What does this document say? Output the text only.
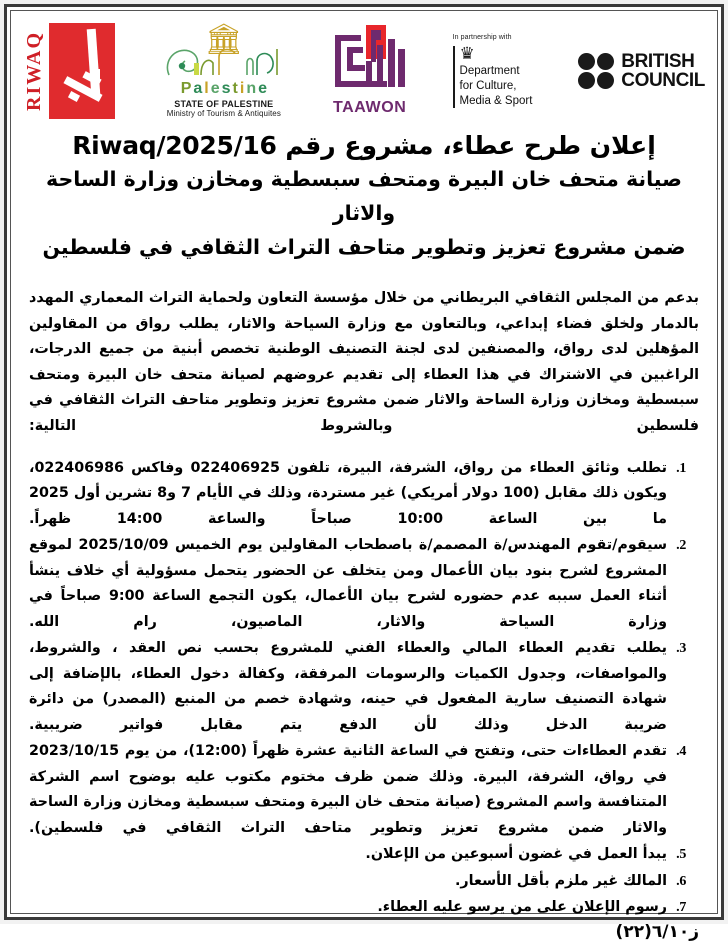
BRITISH
COUNCIL
In partnership with
♛
Department
for Culture,
Media & Sport
TAAWON
🏛
P a l e s t i n e
STATE OF PALESTINE
Ministry of Tourism & Antiquites
RIWAQ
إعلان طرح عطاء، مشروع رقم Riwaq/2025/16
صيانة متحف خان البيرة ومتحف سبسطية ومخازن وزارة الساحة والاثار
ضمن مشروع تعزيز وتطوير متاحف التراث الثقافي في فلسطين

بدعم من المجلس الثقافي البريطاني من خلال مؤسسة التعاون ولحماية التراث المعماري المهدد بالدمار ولخلق فضاء إبداعي، وبالتعاون مع وزارة السياحة والاثار، يطلب رواق من المقاولين المؤهلين لدى رواق، والمصنفين لدى لجنة التصنيف الوطنية تخصص أبنية من جميع الدرجات، الراغبين في الاشتراك في هذا العطاء إلى تقديم عروضهم لصيانة متحف خان البيرة ومتحف سبسطية ومخازن وزارة الساحة والاثار ضمن مشروع تعزيز وتطوير متاحف التراث الثقافي في فلسطين وبالشروط التالية:

1. تطلب وثائق العطاء من رواق، الشرفة، البيرة، تلفون 022406925 وفاكس 022406986، ويكون ذلك مقابل (100 دولار أمريكي) غير مستردة، وذلك في الأيام 7 و8 تشرين أول 2025 ما بين الساعة 10:00 صباحاً والساعة 14:00 ظهراً.
2. سيقوم/تقوم المهندس/ة المصمم/ة باصطحاب المقاولين يوم الخميس 2025/10/09 لموقع المشروع لشرح بنود بيان الأعمال ومن يتخلف عن الحضور يتحمل مسؤولية أي خلاف ينشأ أثناء العمل سببه عدم حضوره لشرح بيان الأعمال، يكون التجمع الساعة 9:00 صباحاً في وزارة السياحة والاثار، الماصيون، رام الله.
3. يطلب تقديم العطاء المالي والعطاء الفني للمشروع بحسب نص العقد ، والشروط، والمواصفات، وجدول الكميات والرسومات المرفقة، وكفالة دخول العطاء، بالإضافة إلى شهادة التصنيف سارية المفعول في حينه، وشهادة خصم من المنبع (المصدر) من دائرة ضريبة الدخل وذلك لأن الدفع يتم مقابل فواتير ضريبية.
4. تقدم العطاءات حتى، وتفتح في الساعة الثانية عشرة ظهراً (12:00)، من يوم 2023/10/15 في رواق، الشرفة، البيرة. وذلك ضمن ظرف مختوم مكتوب عليه بوضوح اسم الشركة المتنافسة واسم المشروع (صيانة متحف خان البيرة ومتحف سبسطية ومخازن وزارة الساحة والاثار ضمن مشروع تعزيز وتطوير متاحف التراث الثقافي في فلسطين).
5. يبدأ العمل في غضون أسبوعين من الإعلان.
6. المالك غير ملزم بأقل الأسعار.
7. رسوم الإعلان على من يرسو عليه العطاء.
ز٦/١٠(٢٢)
